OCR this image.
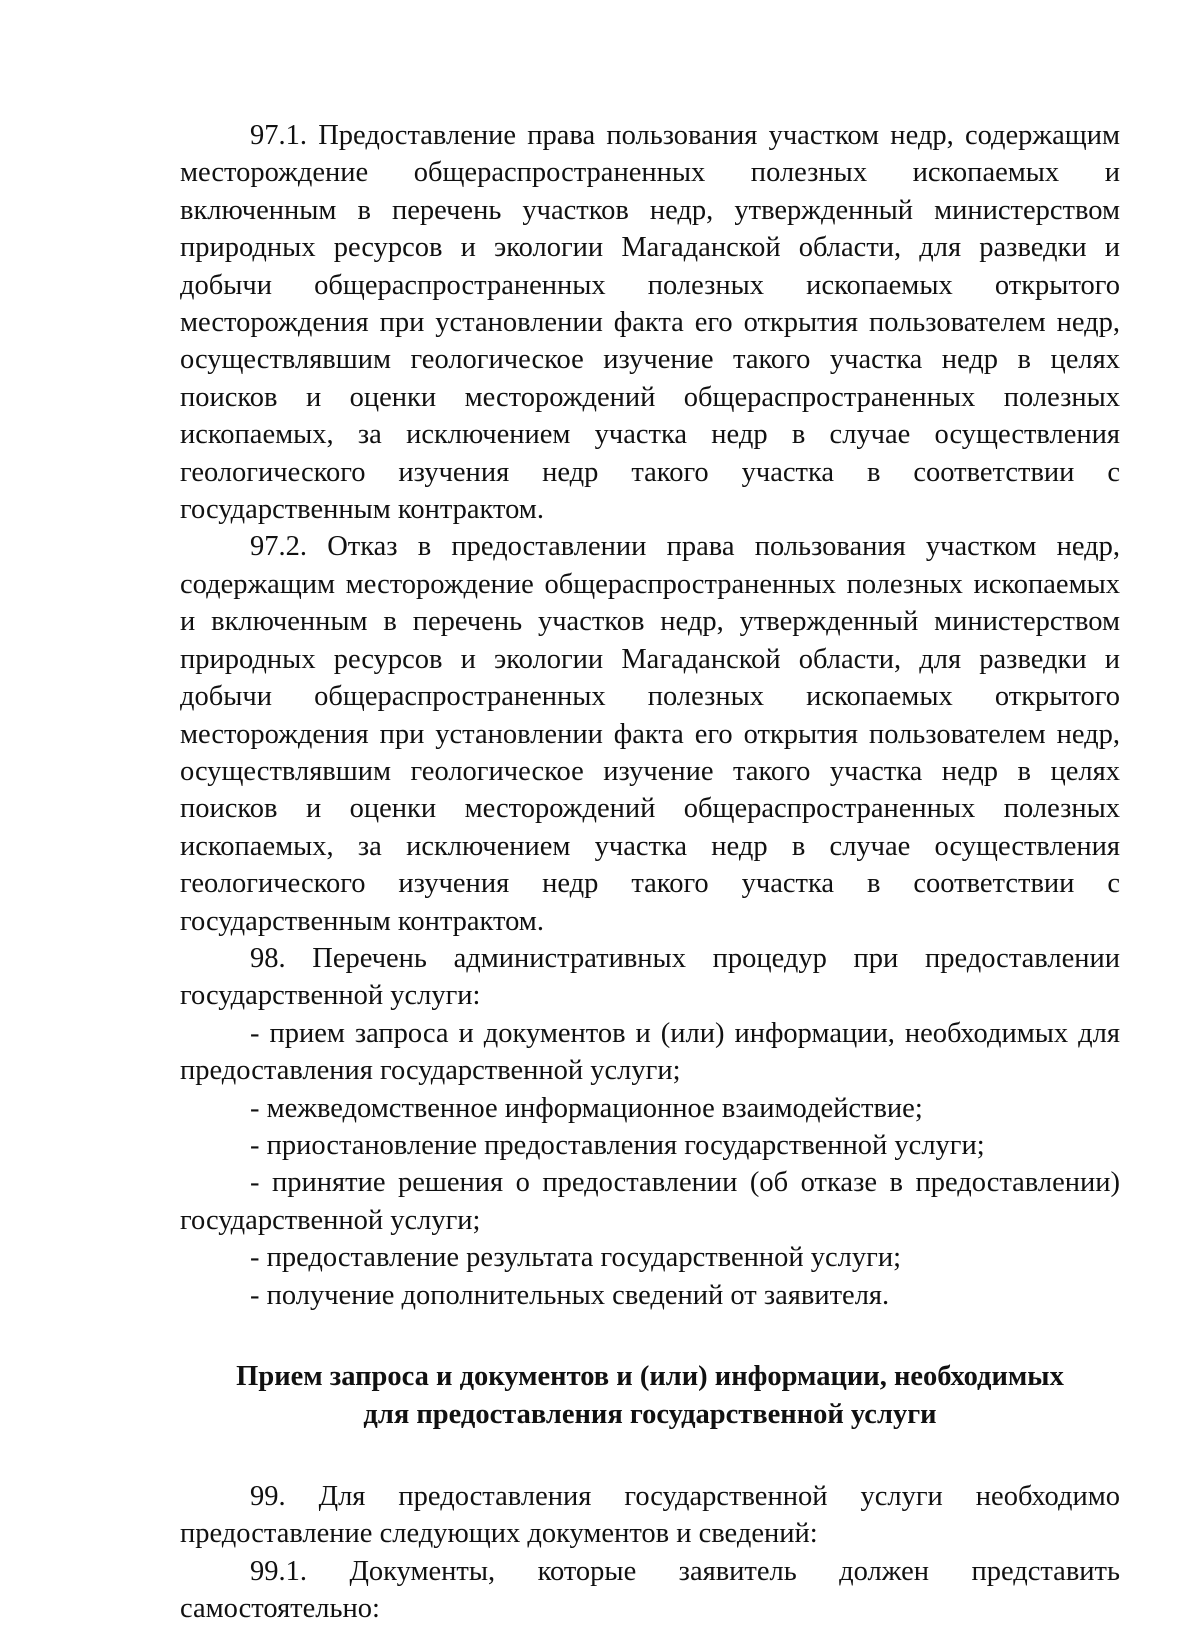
97.1. Предоставление права пользования участком недр, содержащим месторождение общераспространенных полезных ископаемых и включенным в перечень участков недр, утвержденный министерством природных ресурсов и экологии Магаданской области, для разведки и добычи общераспространенных полезных ископаемых открытого месторождения при установлении факта его открытия пользователем недр, осуществлявшим геологическое изучение такого участка недр в целях поисков и оценки месторождений общераспространенных полезных ископаемых, за исключением участка недр в случае осуществления геологического изучения недр такого участка в соответствии с государственным контрактом.

97.2. Отказ в предоставлении права пользования участком недр, содержащим месторождение общераспространенных полезных ископаемых и включенным в перечень участков недр, утвержденный министерством природных ресурсов и экологии Магаданской области, для разведки и добычи общераспространенных полезных ископаемых открытого месторождения при установлении факта его открытия пользователем недр, осуществлявшим геологическое изучение такого участка недр в целях поисков и оценки месторождений общераспространенных полезных ископаемых, за исключением участка недр в случае осуществления геологического изучения недр такого участка в соответствии с государственным контрактом.

98. Перечень административных процедур при предоставлении государственной услуги:

- прием запроса и документов и (или) информации, необходимых для предоставления государственной услуги;

- межведомственное информационное взаимодействие;

- приостановление предоставления государственной услуги;

- принятие решения о предоставлении (об отказе в предоставлении) государственной услуги;

- предоставление результата государственной услуги;

- получение дополнительных сведений от заявителя.

Прием запроса и документов и (или) информации, необходимых

для предоставления государственной услуги

99. Для предоставления государственной услуги необходимо предоставление следующих документов и сведений:

99.1. Документы, которые заявитель должен представить самостоятельно:
